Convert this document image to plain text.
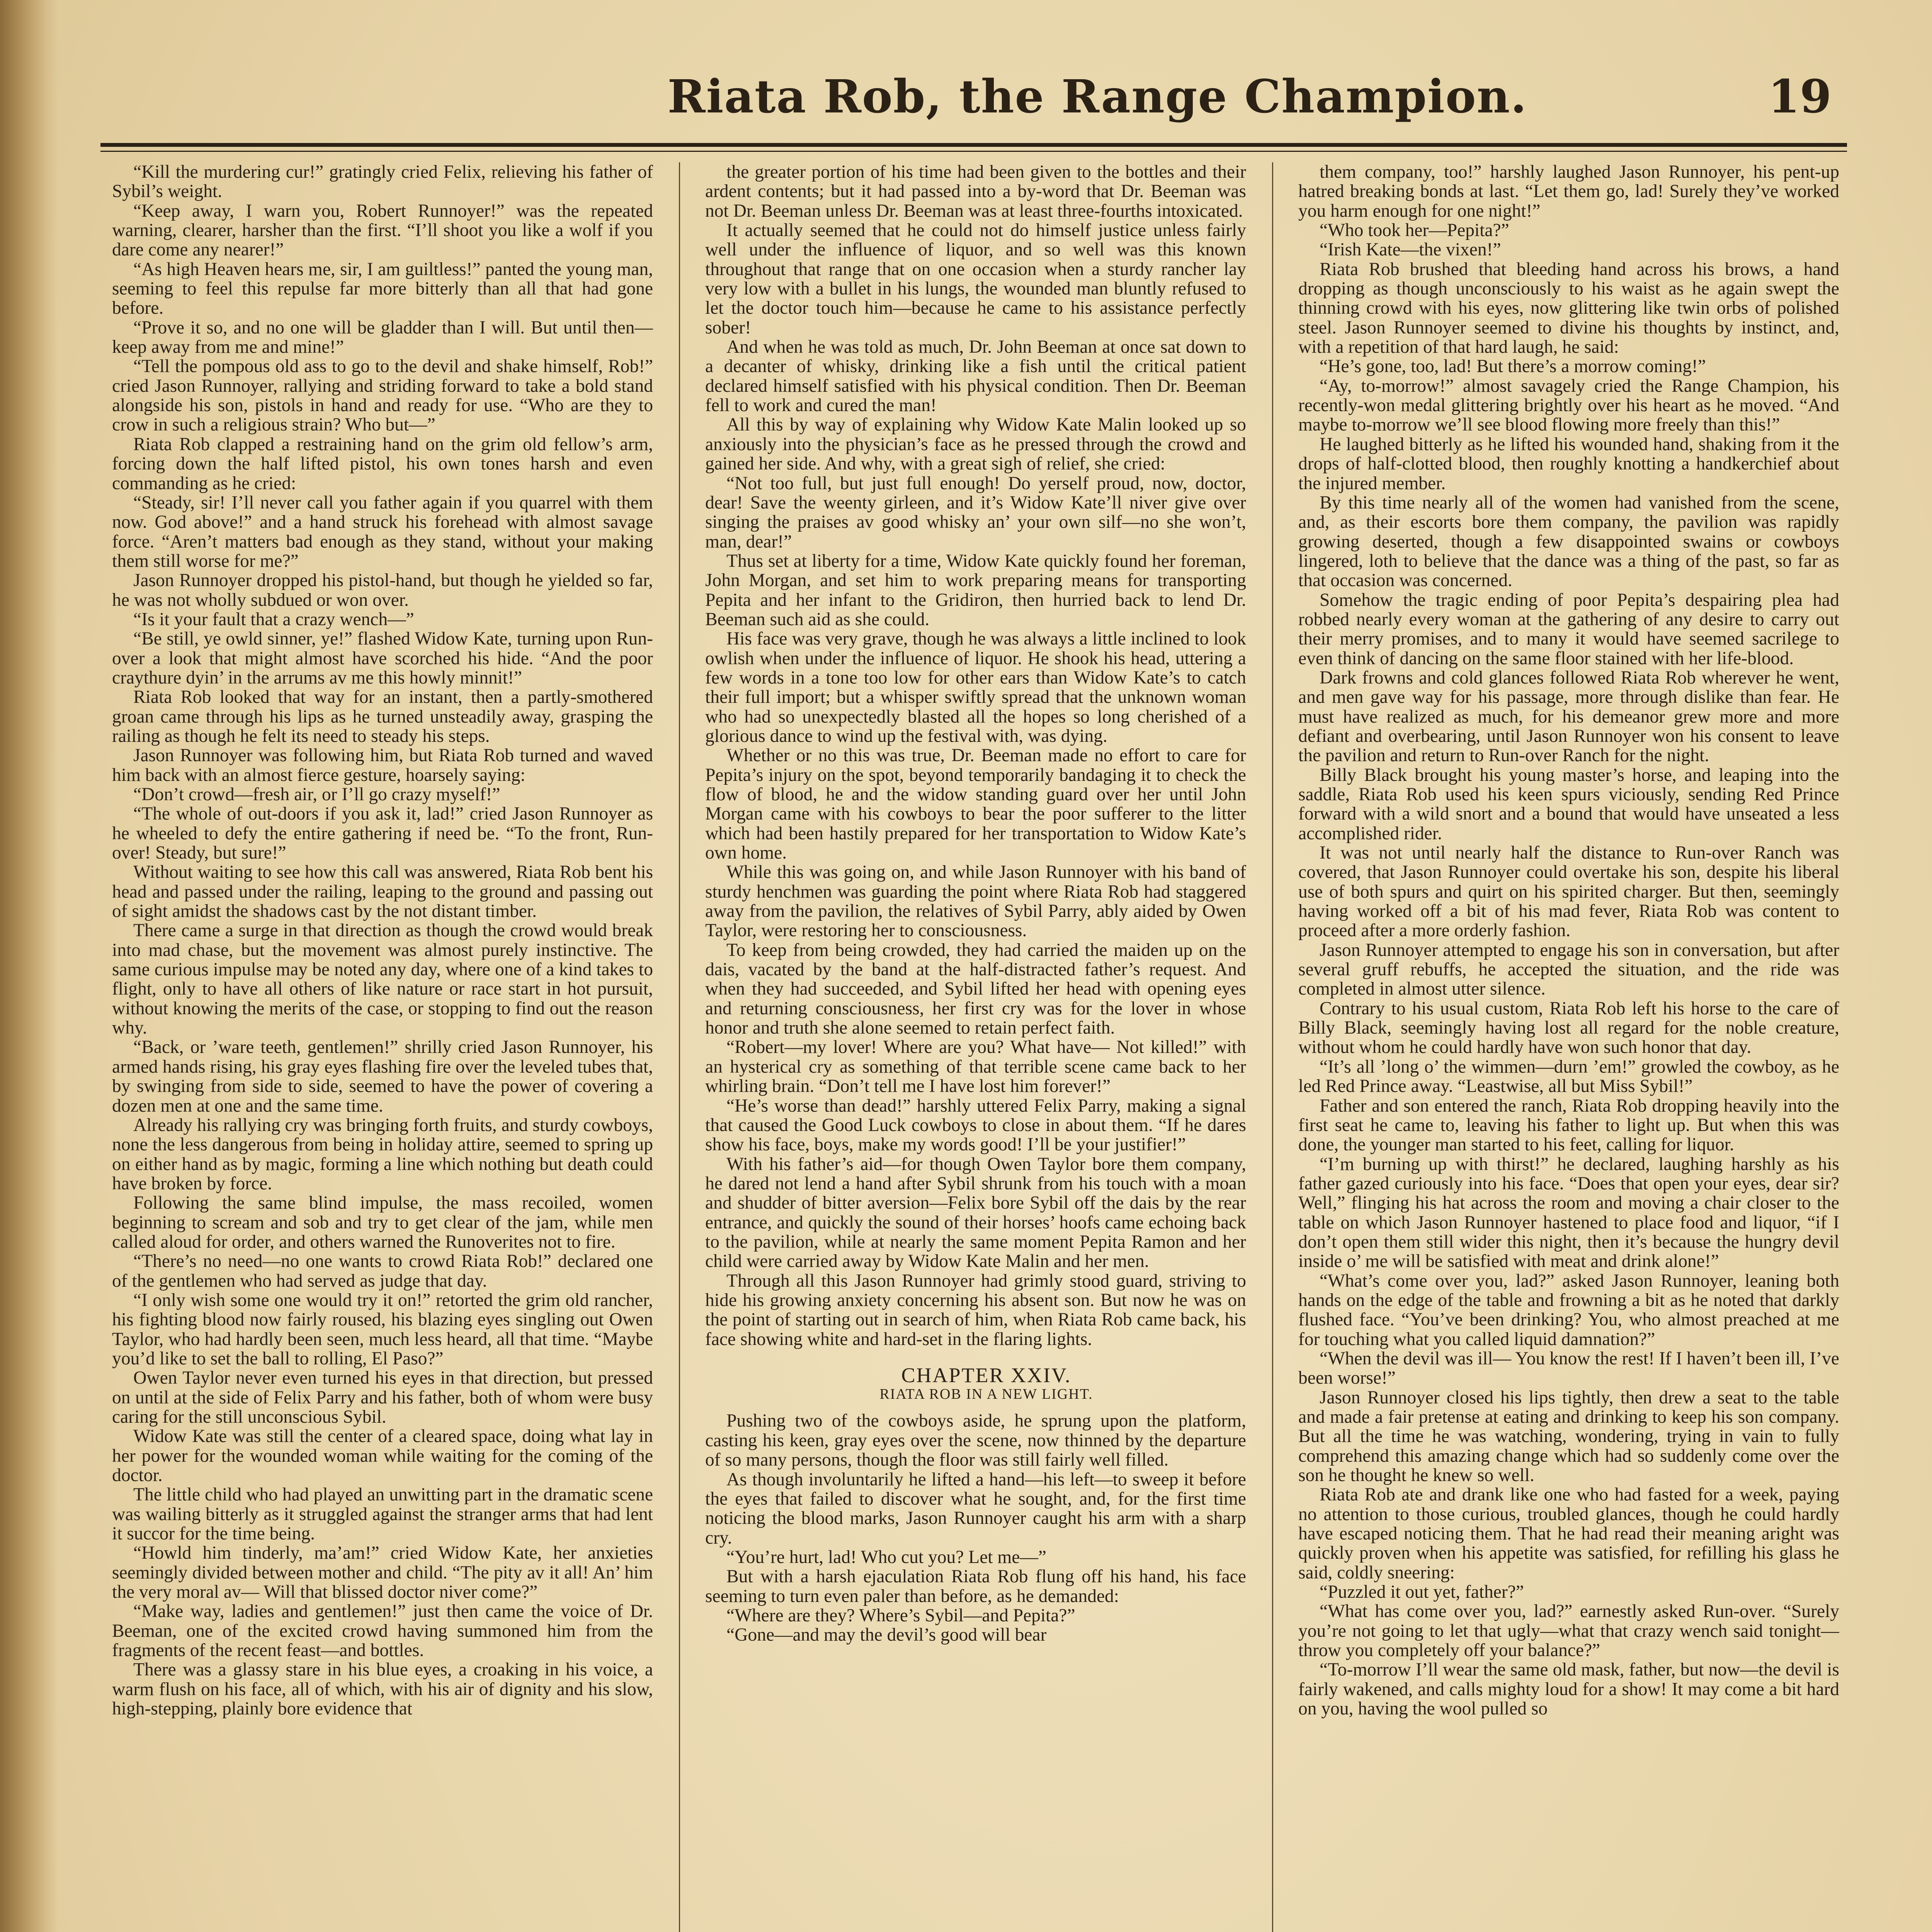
Riata Rob, the Range Champion.	19

“Kill the murdering cur!” gratingly cried Felix, relieving his father of Sybil’s weight.

“Keep away, I warn you, Robert Runnoyer!” was the repeated warning, clearer, harsher than the first. “I’ll shoot you like a wolf if you dare come any nearer!”

“As high Heaven hears me, sir, I am guiltless!” panted the young man, seeming to feel this repulse far more bitterly than all that had gone before.

“Prove it so, and no one will be gladder than I will. But until then—keep away from me and mine!”

“Tell the pompous old ass to go to the devil and shake himself, Rob!” cried Jason Runnoyer, rallying and striding forward to take a bold stand alongside his son, pistols in hand and ready for use. “Who are they to crow in such a religious strain? Who but—”

Riata Rob clapped a restraining hand on the grim old fellow’s arm, forcing down the half lifted pistol, his own tones harsh and even commanding as he cried:

“Steady, sir! I’ll never call you father again if you quarrel with them now. God above!” and a hand struck his forehead with almost savage force. “Aren’t matters bad enough as they stand, without your making them still worse for me?”

Jason Runnoyer dropped his pistol-hand, but though he yielded so far, he was not wholly subdued or won over.

“Is it your fault that a crazy wench—”

“Be still, ye owld sinner, ye!” flashed Widow Kate, turning upon Run-over a look that might almost have scorched his hide. “And the poor craythure dyin’ in the arrums av me this howly minnit!”

Riata Rob looked that way for an instant, then a partly-smothered groan came through his lips as he turned unsteadily away, grasping the railing as though he felt its need to steady his steps.

Jason Runnoyer was following him, but Riata Rob turned and waved him back with an almost fierce gesture, hoarsely saying:

“Don’t crowd—fresh air, or I’ll go crazy myself!”

“The whole of out-doors if you ask it, lad!” cried Jason Runnoyer as he wheeled to defy the entire gathering if need be. “To the front, Run-over! Steady, but sure!”

Without waiting to see how this call was answered, Riata Rob bent his head and passed under the railing, leaping to the ground and passing out of sight amidst the shadows cast by the not distant timber.

There came a surge in that direction as though the crowd would break into mad chase, but the movement was almost purely instinctive. The same curious impulse may be noted any day, where one of a kind takes to flight, only to have all others of like nature or race start in hot pursuit, without knowing the merits of the case, or stopping to find out the reason why.

“Back, or ’ware teeth, gentlemen!” shrilly cried Jason Runnoyer, his armed hands rising, his gray eyes flashing fire over the leveled tubes that, by swinging from side to side, seemed to have the power of covering a dozen men at one and the same time.

Already his rallying cry was bringing forth fruits, and sturdy cowboys, none the less dangerous from being in holiday attire, seemed to spring up on either hand as by magic, forming a line which nothing but death could have broken by force.

Following the same blind impulse, the mass recoiled, women beginning to scream and sob and try to get clear of the jam, while men called aloud for order, and others warned the Runoverites not to fire.

“There’s no need—no one wants to crowd Riata Rob!” declared one of the gentlemen who had served as judge that day.

“I only wish some one would try it on!” retorted the grim old rancher, his fighting blood now fairly roused, his blazing eyes singling out Owen Taylor, who had hardly been seen, much less heard, all that time. “Maybe you’d like to set the ball to rolling, El Paso?”

Owen Taylor never even turned his eyes in that direction, but pressed on until at the side of Felix Parry and his father, both of whom were busy caring for the still unconscious Sybil.

Widow Kate was still the center of a cleared space, doing what lay in her power for the wounded woman while waiting for the coming of the doctor.

The little child who had played an unwitting part in the dramatic scene was wailing bitterly as it struggled against the stranger arms that had lent it succor for the time being.

“Howld him tinderly, ma’am!” cried Widow Kate, her anxieties seemingly divided between mother and child. “The pity av it all! An’ him the very moral av— Will that blissed doctor niver come?”

“Make way, ladies and gentlemen!” just then came the voice of Dr. Beeman, one of the excited crowd having summoned him from the fragments of the recent feast—and bottles.

There was a glassy stare in his blue eyes, a croaking in his voice, a warm flush on his face, all of which, with his air of dignity and his slow, high-stepping, plainly bore evidence that

the greater portion of his time had been given to the bottles and their ardent contents; but it had passed into a by-word that Dr. Beeman was not Dr. Beeman unless Dr. Beeman was at least three-fourths intoxicated.

It actually seemed that he could not do himself justice unless fairly well under the influence of liquor, and so well was this known throughout that range that on one occasion when a sturdy rancher lay very low with a bullet in his lungs, the wounded man bluntly refused to let the doctor touch him—because he came to his assistance perfectly sober!

And when he was told as much, Dr. John Beeman at once sat down to a decanter of whisky, drinking like a fish until the critical patient declared himself satisfied with his physical condition. Then Dr. Beeman fell to work and cured the man!

All this by way of explaining why Widow Kate Malin looked up so anxiously into the physician’s face as he pressed through the crowd and gained her side. And why, with a great sigh of relief, she cried:

“Not too full, but just full enough! Do yerself proud, now, doctor, dear! Save the weenty girleen, and it’s Widow Kate’ll niver give over singing the praises av good whisky an’ your own silf—no she won’t, man, dear!”

Thus set at liberty for a time, Widow Kate quickly found her foreman, John Morgan, and set him to work preparing means for transporting Pepita and her infant to the Gridiron, then hurried back to lend Dr. Beeman such aid as she could.

His face was very grave, though he was always a little inclined to look owlish when under the influence of liquor. He shook his head, uttering a few words in a tone too low for other ears than Widow Kate’s to catch their full import; but a whisper swiftly spread that the unknown woman who had so unexpectedly blasted all the hopes so long cherished of a glorious dance to wind up the festival with, was dying.

Whether or no this was true, Dr. Beeman made no effort to care for Pepita’s injury on the spot, beyond temporarily bandaging it to check the flow of blood, he and the widow standing guard over her until John Morgan came with his cowboys to bear the poor sufferer to the litter which had been hastily prepared for her transportation to Widow Kate’s own home.

While this was going on, and while Jason Runnoyer with his band of sturdy henchmen was guarding the point where Riata Rob had staggered away from the pavilion, the relatives of Sybil Parry, ably aided by Owen Taylor, were restoring her to consciousness.

To keep from being crowded, they had carried the maiden up on the dais, vacated by the band at the half-distracted father’s request. And when they had succeeded, and Sybil lifted her head with opening eyes and returning consciousness, her first cry was for the lover in whose honor and truth she alone seemed to retain perfect faith.

“Robert—my lover! Where are you? What have— Not killed!” with an hysterical cry as something of that terrible scene came back to her whirling brain. “Don’t tell me I have lost him forever!”

“He’s worse than dead!” harshly uttered Felix Parry, making a signal that caused the Good Luck cowboys to close in about them. “If he dares show his face, boys, make my words good! I’ll be your justifier!”

With his father’s aid—for though Owen Taylor bore them company, he dared not lend a hand after Sybil shrunk from his touch with a moan and shudder of bitter aversion—Felix bore Sybil off the dais by the rear entrance, and quickly the sound of their horses’ hoofs came echoing back to the pavilion, while at nearly the same moment Pepita Ramon and her child were carried away by Widow Kate Malin and her men.

Through all this Jason Runnoyer had grimly stood guard, striving to hide his growing anxiety concerning his absent son. But now he was on the point of starting out in search of him, when Riata Rob came back, his face showing white and hard-set in the flaring lights.

CHAPTER XXIV.

RIATA ROB IN A NEW LIGHT.

Pushing two of the cowboys aside, he sprung upon the platform, casting his keen, gray eyes over the scene, now thinned by the departure of so many persons, though the floor was still fairly well filled.

As though involuntarily he lifted a hand—his left—to sweep it before the eyes that failed to discover what he sought, and, for the first time noticing the blood marks, Jason Runnoyer caught his arm with a sharp cry.

“You’re hurt, lad! Who cut you? Let me—”

But with a harsh ejaculation Riata Rob flung off his hand, his face seeming to turn even paler than before, as he demanded:

“Where are they? Where’s Sybil—and Pepita?”

“Gone—and may the devil’s good will bear

them company, too!” harshly laughed Jason Runnoyer, his pent-up hatred breaking bonds at last. “Let them go, lad! Surely they’ve worked you harm enough for one night!”

“Who took her—Pepita?”

“Irish Kate—the vixen!”

Riata Rob brushed that bleeding hand across his brows, a hand dropping as though unconsciously to his waist as he again swept the thinning crowd with his eyes, now glittering like twin orbs of polished steel. Jason Runnoyer seemed to divine his thoughts by instinct, and, with a repetition of that hard laugh, he said:

“He’s gone, too, lad! But there’s a morrow coming!”

“Ay, to-morrow!” almost savagely cried the Range Champion, his recently-won medal glittering brightly over his heart as he moved. “And maybe to-morrow we’ll see blood flowing more freely than this!”

He laughed bitterly as he lifted his wounded hand, shaking from it the drops of half-clotted blood, then roughly knotting a handkerchief about the injured member.

By this time nearly all of the women had vanished from the scene, and, as their escorts bore them company, the pavilion was rapidly growing deserted, though a few disappointed swains or cowboys lingered, loth to believe that the dance was a thing of the past, so far as that occasion was concerned.

Somehow the tragic ending of poor Pepita’s despairing plea had robbed nearly every woman at the gathering of any desire to carry out their merry promises, and to many it would have seemed sacrilege to even think of dancing on the same floor stained with her life-blood.

Dark frowns and cold glances followed Riata Rob wherever he went, and men gave way for his passage, more through dislike than fear. He must have realized as much, for his demeanor grew more and more defiant and overbearing, until Jason Runnoyer won his consent to leave the pavilion and return to Run-over Ranch for the night.

Billy Black brought his young master’s horse, and leaping into the saddle, Riata Rob used his keen spurs viciously, sending Red Prince forward with a wild snort and a bound that would have unseated a less accomplished rider.

It was not until nearly half the distance to Run-over Ranch was covered, that Jason Runnoyer could overtake his son, despite his liberal use of both spurs and quirt on his spirited charger. But then, seemingly having worked off a bit of his mad fever, Riata Rob was content to proceed after a more orderly fashion.

Jason Runnoyer attempted to engage his son in conversation, but after several gruff rebuffs, he accepted the situation, and the ride was completed in almost utter silence.

Contrary to his usual custom, Riata Rob left his horse to the care of Billy Black, seemingly having lost all regard for the noble creature, without whom he could hardly have won such honor that day.

“It’s all ’long o’ the wimmen—durn ’em!” growled the cowboy, as he led Red Prince away. “Leastwise, all but Miss Sybil!”

Father and son entered the ranch, Riata Rob dropping heavily into the first seat he came to, leaving his father to light up. But when this was done, the younger man started to his feet, calling for liquor.

“I’m burning up with thirst!” he declared, laughing harshly as his father gazed curiously into his face. “Does that open your eyes, dear sir? Well,” flinging his hat across the room and moving a chair closer to the table on which Jason Runnoyer hastened to place food and liquor, “if I don’t open them still wider this night, then it’s because the hungry devil inside o’ me will be satisfied with meat and drink alone!”

“What’s come over you, lad?” asked Jason Runnoyer, leaning both hands on the edge of the table and frowning a bit as he noted that darkly flushed face. “You’ve been drinking? You, who almost preached at me for touching what you called liquid damnation?”

“When the devil was ill— You know the rest! If I haven’t been ill, I’ve been worse!”

Jason Runnoyer closed his lips tightly, then drew a seat to the table and made a fair pretense at eating and drinking to keep his son company. But all the time he was watching, wondering, trying in vain to fully comprehend this amazing change which had so suddenly come over the son he thought he knew so well.

Riata Rob ate and drank like one who had fasted for a week, paying no attention to those curious, troubled glances, though he could hardly have escaped noticing them. That he had read their meaning aright was quickly proven when his appetite was satisfied, for refilling his glass he said, coldly sneering:

“Puzzled it out yet, father?”

“What has come over you, lad?” earnestly asked Run-over. “Surely you’re not going to let that ugly—what that crazy wench said tonight—throw you completely off your balance?”

“To-morrow I’ll wear the same old mask, father, but now—the devil is fairly wakened, and calls mighty loud for a show! It may come a bit hard on you, having the wool pulled so
